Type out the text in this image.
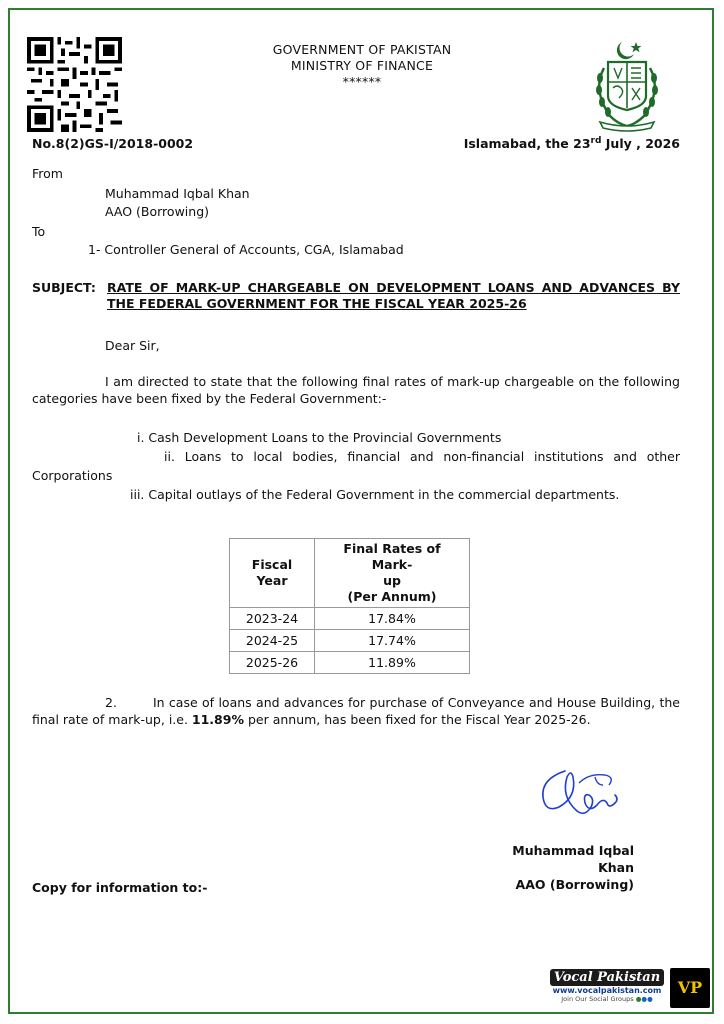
GOVERNMENT OF PAKISTAN
MINISTRY OF FINANCE
******
No.8(2)GS-I/2018-0002	Islamabad, the 23rd July , 2026
From
Muhammad Iqbal Khan
AAO (Borrowing)
To
1- Controller General of Accounts, CGA, Islamabad
SUBJECT: RATE OF MARK-UP CHARGEABLE ON DEVELOPMENT LOANS AND ADVANCES BY THE FEDERAL GOVERNMENT FOR THE FISCAL YEAR 2025-26
Dear Sir,
I am directed to state that the following final rates of mark-up chargeable on the following categories have been fixed by the Federal Government:-
i. Cash Development Loans to the Provincial Governments
ii. Loans to local bodies, financial and non-financial institutions and other
Corporations
iii. Capital outlays of the Federal Government in the commercial departments.
Fiscal Year	Final Rates of Mark-
up
(Per Annum)

2023-24	17.84%
2024-25	17.74%
2025-26	11.89%
2.	In case of loans and advances for purchase of Conveyance and House Building, the final rate of mark-up, i.e. 11.89% per annum, has been fixed for the Fiscal Year 2025-26.
Muhammad Iqbal Khan
AAO (Borrowing)
Copy for information to:-
Vocal Pakistan
www.vocalpakistan.com
Join Our Social Groups ●●●
VP
